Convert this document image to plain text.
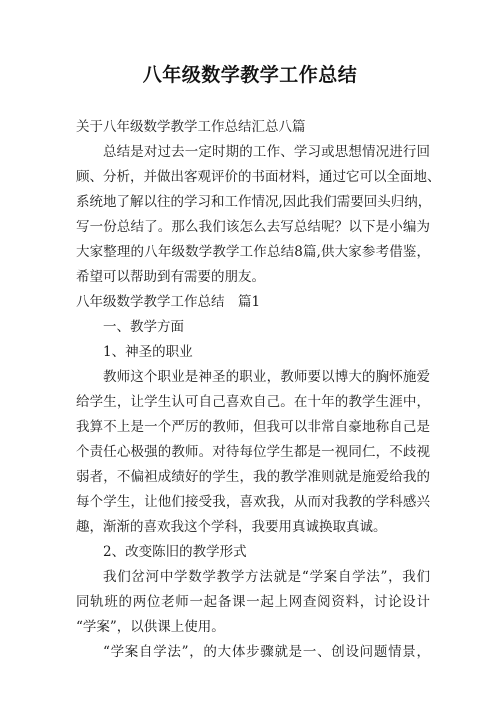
八年级数学教学工作总结
关于八年级数学教学工作总结汇总八篇
总结是对过去一定时期的工作、学习或思想情况进行回
顾、分析，并做出客观评价的书面材料，通过它可以全面地、
系统地了解以往的学习和工作情况,因此我们需要回头归纳，
写一份总结了。那么我们该怎么去写总结呢？以下是小编为
大家整理的八年级数学教学工作总结8篇,供大家参考借鉴，
希望可以帮助到有需要的朋友。
八年级数学教学工作总结　篇1
一、教学方面
1、神圣的职业
教师这个职业是神圣的职业，教师要以博大的胸怀施爱
给学生，让学生认可自己喜欢自己。在十年的教学生涯中，
我算不上是一个严厉的教师，但我可以非常自豪地称自己是
个责任心极强的教师。对待每位学生都是一视同仁，不歧视
弱者，不偏袒成绩好的学生，我的教学准则就是施爱给我的
每个学生，让他们接受我，喜欢我，从而对我教的学科感兴
趣，渐渐的喜欢我这个学科，我要用真诚换取真诚。
2、改变陈旧的教学形式
我们岔河中学数学教学方法就是“学案自学法”，我们
同轨班的两位老师一起备课一起上网查阅资料，讨论设计
“学案”，以供课上使用。
“学案自学法”，的大体步骤就是一、创设问题情景，
